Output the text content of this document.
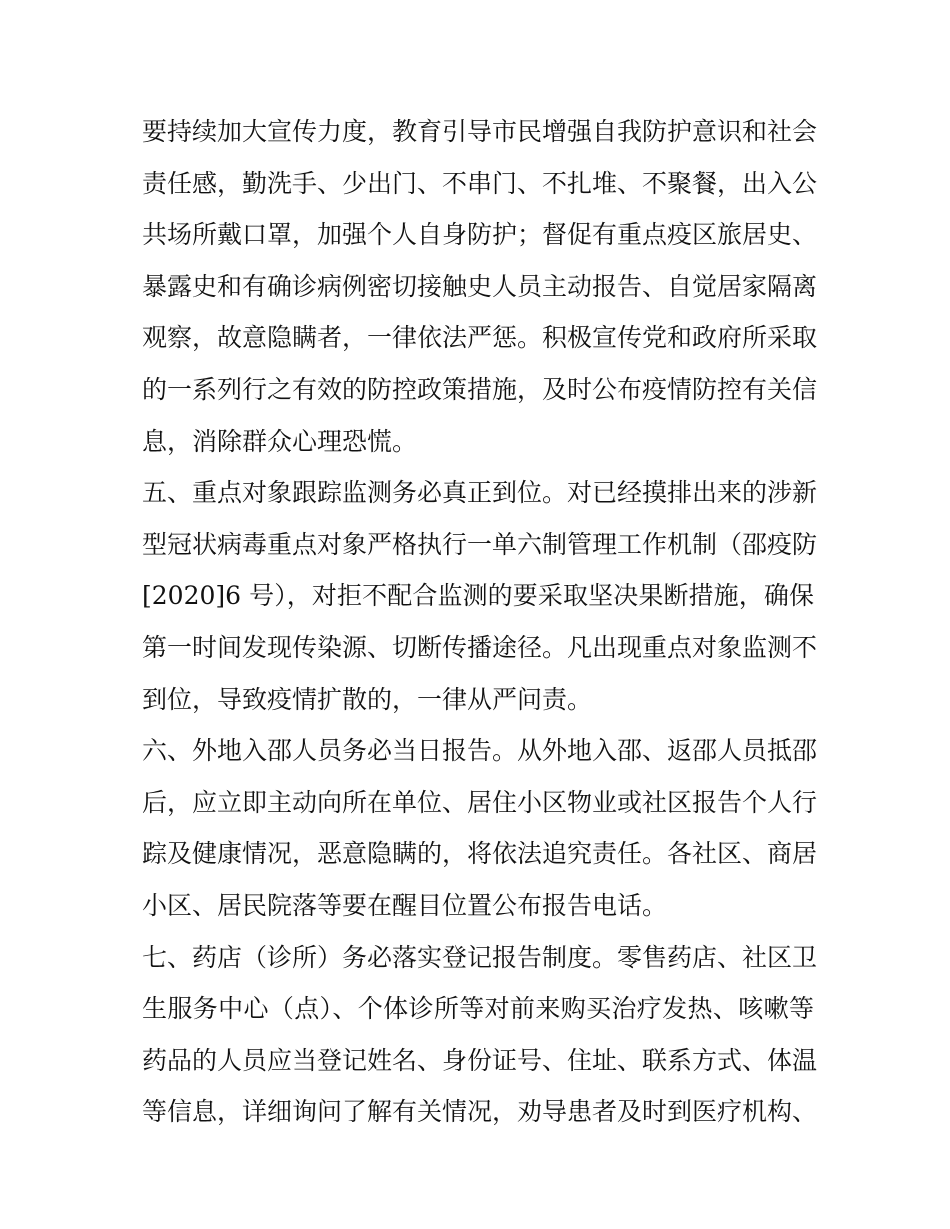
要持续加大宣传力度，教育引导市民增强自我防护意识和社会
责任感，勤洗手、少出门、不串门、不扎堆、不聚餐，出入公
共场所戴口罩，加强个人自身防护；督促有重点疫区旅居史、
暴露史和有确诊病例密切接触史人员主动报告、自觉居家隔离
观察，故意隐瞒者，一律依法严惩。积极宣传党和政府所采取
的一系列行之有效的防控政策措施，及时公布疫情防控有关信
息，消除群众心理恐慌。
五、重点对象跟踪监测务必真正到位。对已经摸排出来的涉新
型冠状病毒重点对象严格执行一单六制管理工作机制（邵疫防
[2020]6 号），对拒不配合监测的要采取坚决果断措施，确保
第一时间发现传染源、切断传播途径。凡出现重点对象监测不
到位，导致疫情扩散的，一律从严问责。
六、外地入邵人员务必当日报告。从外地入邵、返邵人员抵邵
后，应立即主动向所在单位、居住小区物业或社区报告个人行
踪及健康情况，恶意隐瞒的，将依法追究责任。各社区、商居
小区、居民院落等要在醒目位置公布报告电话。
七、药店（诊所）务必落实登记报告制度。零售药店、社区卫
生服务中心（点）、个体诊所等对前来购买治疗发热、咳嗽等
药品的人员应当登记姓名、身份证号、住址、联系方式、体温
等信息，详细询问了解有关情况，劝导患者及时到医疗机构、
